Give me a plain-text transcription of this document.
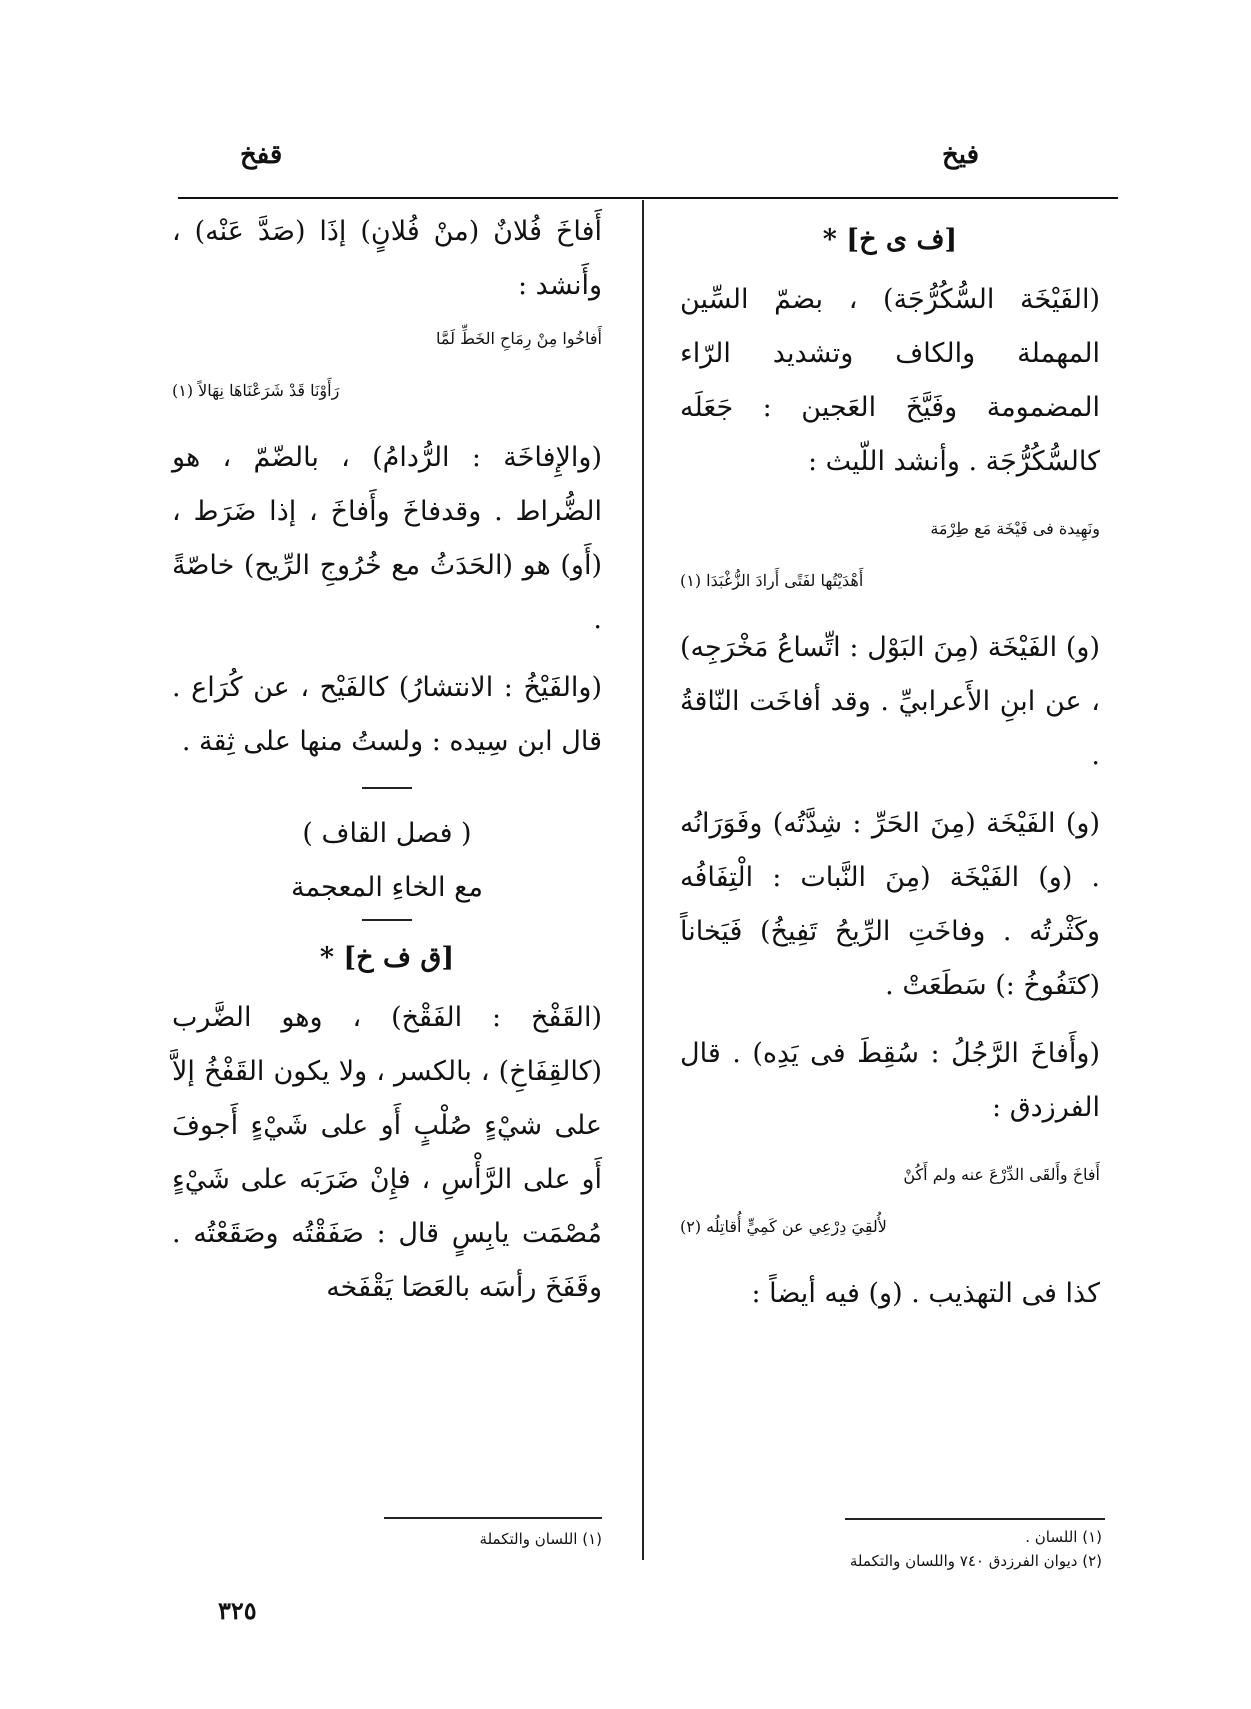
فيخ
قفخ

[ف ى خ] *

(الفَيْخَة السُّكُرُّجَة) ، بضمّ السِّين المهملة والكاف وتشديد الرّاء المضمومة وفَيَّخَ العَجين : جَعَلَه كالسُّكُرُّجَة . وأنشد اللّيث :

ونَهِيدة فى فَيْخَة مَع طِرْمَة
أَهْدَيْتُها لفَتًى أَرادَ الزُّغْبَدَا (١)

(و) الفَيْخَة (مِنَ البَوْل : اتِّساعُ مَخْرَجِه) ، عن ابنِ الأَعرابيِّ . وقد أفاخَت النّاقةُ .

(و) الفَيْخَة (مِنَ الحَرِّ : شِدَّتُه) وفَوَرَانُه . (و) الفَيْخَة (مِنَ النَّبات : الْتِفَافُه وكَثْرتُه . وفاخَتِ الرِّيحُ تَفِيخُ) فَيَخاناً (كتَفُوخُ :) سَطَعَتْ .

(وأَفاخَ الرَّجُلُ : سُقِطَ فى يَدِه) . قال الفرزدق :

أَفاخَ وأَلقَى الدِّرْعَ عنه ولم أَكُنْ
لأُلقِيَ دِرْعِي عن كَمِيٍّ أُقاتِلُه (٢)

كذا فى التهذيب . (و) فيه أيضاً :

أَفاخَ فُلانٌ (منْ فُلانٍ) إذَا (صَدَّ عَنْه) ، وأَنشد :

أَفاخُوا مِنْ رِمَاحِ الخَطِّ لَمَّا
رَأَوْنَا قَدْ شَرَعْنَاهَا نِهَالاً (١)

(والإِفاخَة : الرُّدامُ) ، بالضّمّ ، هو الضُّراط . وقدفاخَ وأَفاخَ ، إذا ضَرَط ، (أَو) هو (الحَدَثُ مع خُرُوجِ الرِّيح) خاصّةً .

(والفَيْخُ : الانتشارُ) كالفَيْح ، عن كُرَاع . قال ابن سِيده : ولستُ منها على ثِقة .

( فصل القاف )

مع الخاءِ المعجمة

[ق ف خ] *

(القَفْخ : الفَقْخ) ، وهو الضَّرب (كالقِفَاخِ) ، بالكسر ، ولا يكون القَفْخُ إلاَّ على شيْءٍ صُلْبٍ أَو على شَيْءٍ أَجوفَ أَو على الرَّأْسِ ، فإِنْ ضَرَبَه على شَيْءٍ مُصْمَت يابِسٍ قال : صَفَقْتُه وصَقَعْتُه . وقَفَخَ رأسَه بالعَصَا يَقْفَخه

(١) اللسان .
(٢) ديوان الفرزدق ٧٤٠ واللسان والتكملة
(١) اللسان والتكملة
٣٢٥
